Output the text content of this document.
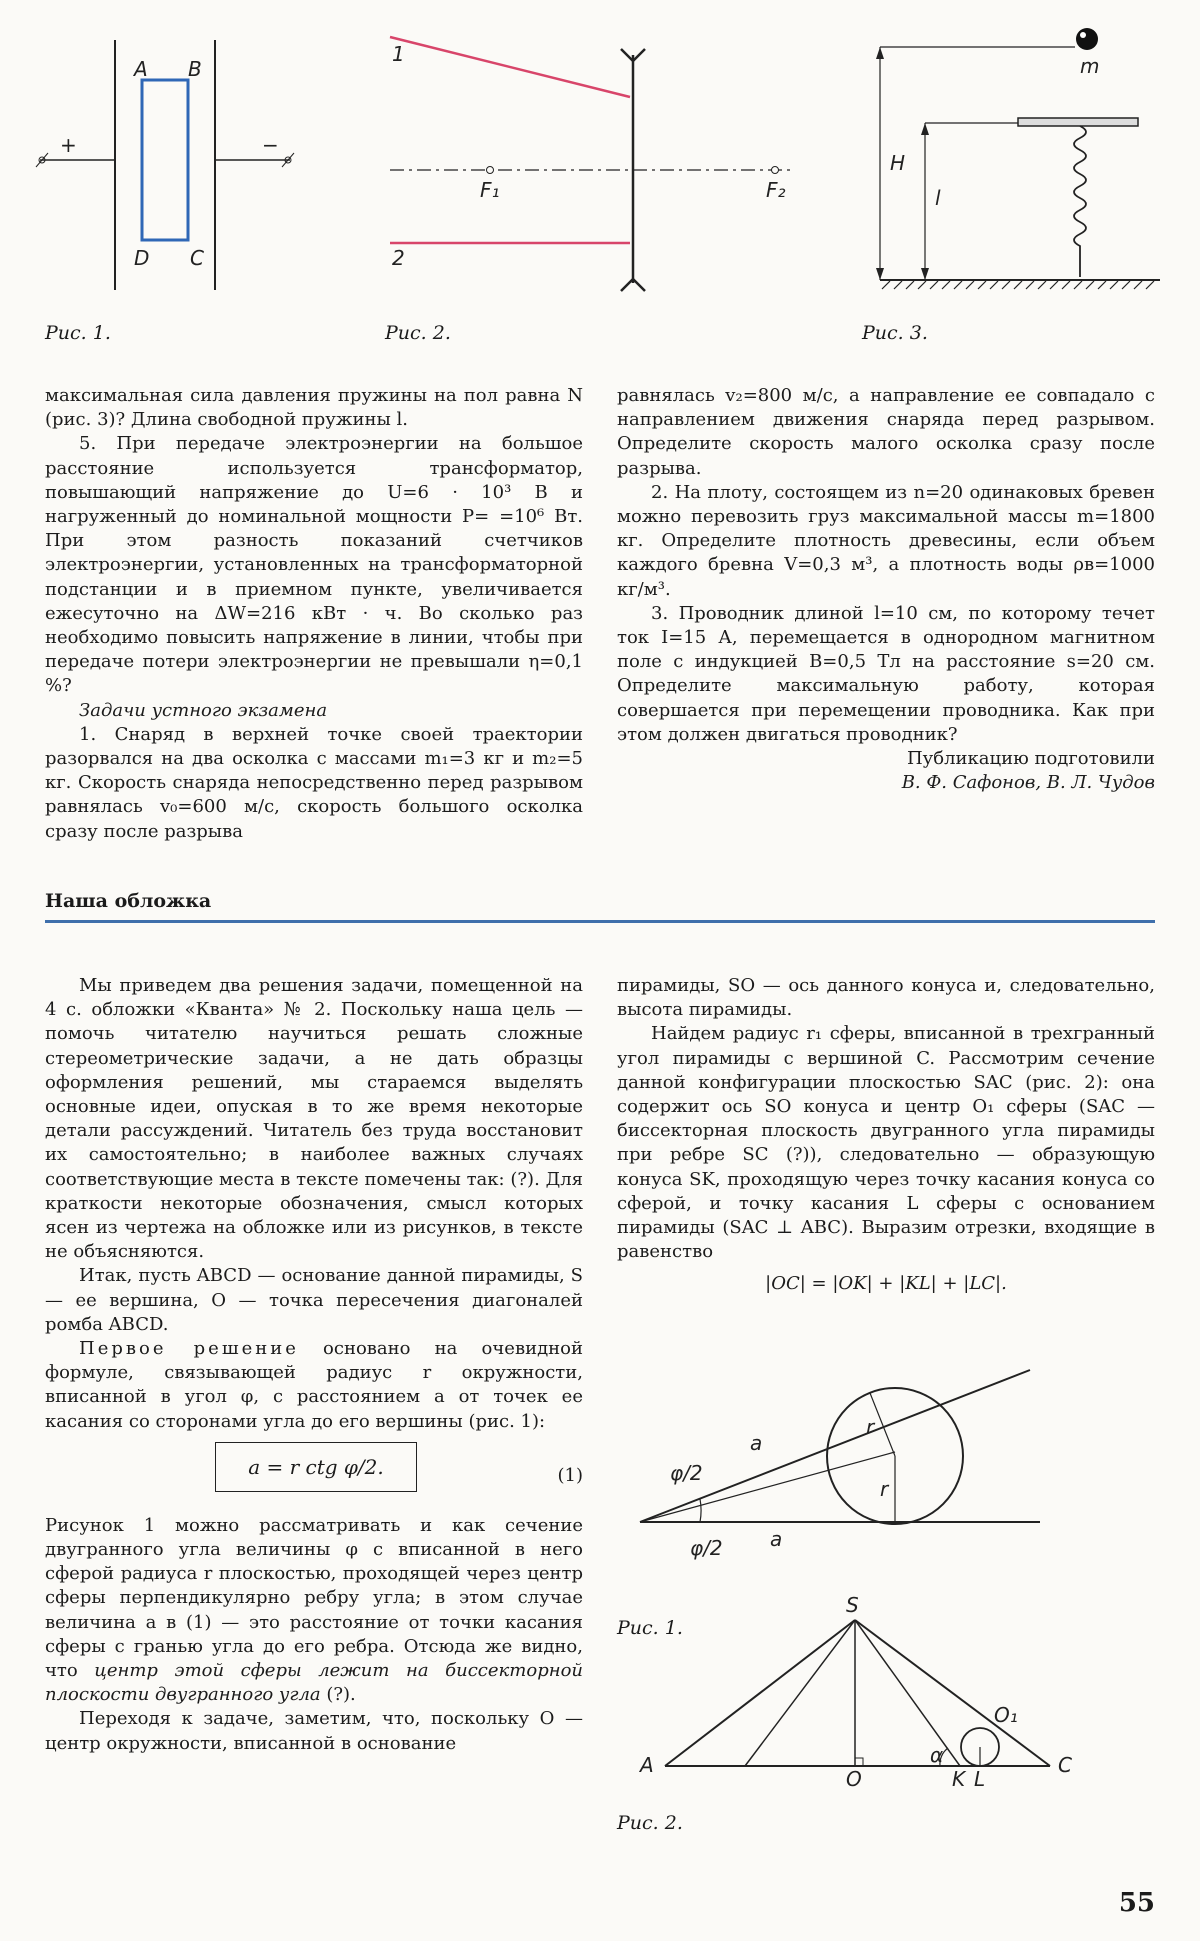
A B
D C
+	−
Рис. 1.
1
2
F₁	F₂
Рис. 2.
H
l
m
Рис. 3.

максимальная сила давления пружины на пол равна N (рис. 3)? Длина свободной пружины l.

5. При передаче электроэнергии на большое расстояние используется трансформатор, повышающий напряжение до U=6 · 10³ В и нагруженный до номинальной мощности P= =10⁶ Вт. При этом разность показаний счетчиков электроэнергии, установленных на трансформаторной подстанции и в приемном пункте, увеличивается ежесуточно на ΔW=216 кВт · ч. Во сколько раз необходимо повысить напряжение в линии, чтобы при передаче потери электроэнергии не превышали η=0,1 %?

Задачи устного экзамена

1. Снаряд в верхней точке своей траектории разорвался на два осколка с массами m₁=3 кг и m₂=5 кг. Скорость снаряда непосредственно перед разрывом равнялась v₀=600 м/с, скорость большого осколка сразу после разрыва

равнялась v₂=800 м/с, а направление ее совпадало с направлением движения снаряда перед разрывом. Определите скорость малого осколка сразу после разрыва.

2. На плоту, состоящем из n=20 одинаковых бревен можно перевозить груз максимальной массы m=1800 кг. Определите плотность древесины, если объем каждого бревна V=0,3 м³, а плотность воды ρв=1000 кг/м³.

3. Проводник длиной l=10 см, по которому течет ток I=15 А, перемещается в однородном магнитном поле с индукцией B=0,5 Тл на расстояние s=20 см. Определите максимальную работу, которая совершается при перемещении проводника. Как при этом должен двигаться проводник?

Публикацию подготовили

В. Ф. Сафонов, В. Л. Чудов

Наша обложка

Мы приведем два решения задачи, помещенной на 4 с. обложки «Кванта» № 2. Поскольку наша цель — помочь читателю научиться решать сложные стереометрические задачи, а не дать образцы оформления решений, мы стараемся выделять основные идеи, опуская в то же время некоторые детали рассуждений. Читатель без труда восстановит их самостоятельно; в наиболее важных случаях соответствующие места в тексте помечены так: (?). Для краткости некоторые обозначения, смысл которых ясен из чертежа на обложке или из рисунков, в тексте не объясняются.

Итак, пусть ABCD — основание данной пирамиды, S — ее вершина, O — точка пересечения диагоналей ромба ABCD.

Первое решение основано на очевидной формуле, связывающей радиус r окружности, вписанной в угол φ, с расстоянием a от точек ее касания со сторонами угла до его вершины (рис. 1):

a = r ctg φ/2.	(1)

Рисунок 1 можно рассматривать и как сечение двугранного угла величины φ с вписанной в него сферой радиуса r плоскостью, проходящей через центр сферы перпендикулярно ребру угла; в этом случае величина a в (1) — это расстояние от точки касания сферы с гранью угла до его ребра. Отсюда же видно, что центр этой сферы лежит на биссекторной плоскости двугранного угла (?).

Переходя к задаче, заметим, что, поскольку O — центр окружности, вписанной в основание

пирамиды, SO — ось данного конуса и, следовательно, высота пирамиды.

Найдем радиус r₁ сферы, вписанной в трехгранный угол пирамиды с вершиной C. Рассмотрим сечение данной конфигурации плоскостью SAC (рис. 2): она содержит ось SO конуса и центр O₁ сферы (SAC — биссекторная плоскость двугранного угла пирамиды при ребре SC (?)), следовательно — образующую конуса SK, проходящую через точку касания конуса со сферой, и точку касания L сферы с основанием пирамиды (SAC ⊥ ABC). Выразим отрезки, входящие в равенство

|OC| = |OK| + |KL| + |LC|.

a
a
r
r
φ/2
φ/2
Рис. 1.
S
A
O	K L
C
O₁
α
Рис. 2.
55
